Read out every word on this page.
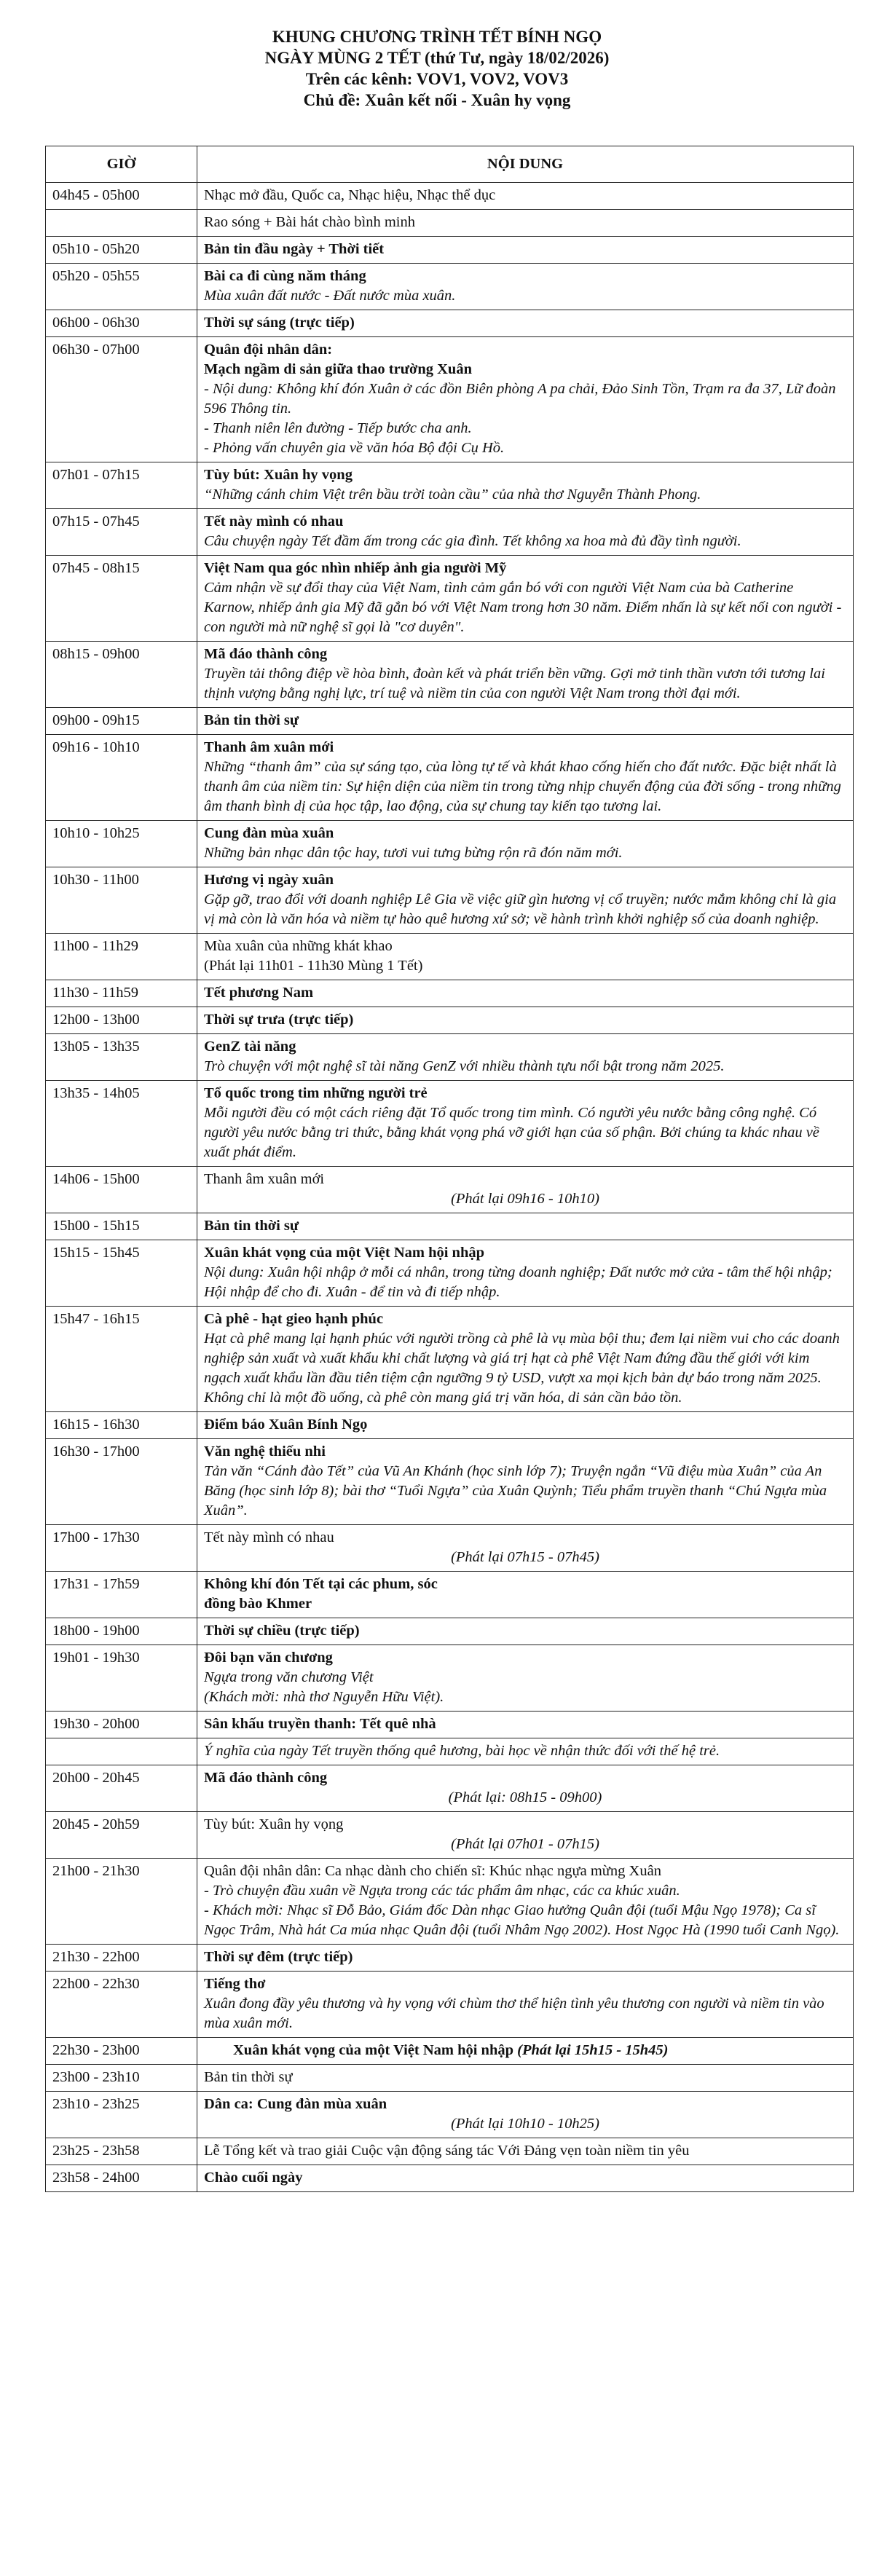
KHUNG CHƯƠNG TRÌNH TẾT BÍNH NGỌ
NGÀY MÙNG 2 TẾT (thứ Tư, ngày 18/02/2026)
Trên các kênh: VOV1, VOV2, VOV3
Chủ đề: Xuân kết nối - Xuân hy vọng
GIỜ	NỘI DUNG
04h45 - 05h00	Nhạc mở đầu, Quốc ca, Nhạc hiệu, Nhạc thể dục

	Rao sóng + Bài hát chào bình minh

05h10 - 05h20	Bản tin đầu ngày + Thời tiết

05h20 - 05h55	Bài ca đi cùng năm tháng
Mùa xuân đất nước - Đất nước mùa xuân.

06h00 - 06h30	Thời sự sáng (trực tiếp)

06h30 - 07h00	Quân đội nhân dân:
Mạch ngầm di sản giữa thao trường Xuân
- Nội dung: Không khí đón Xuân ở các đồn Biên phòng A pa chải, Đảo Sinh Tồn, Trạm ra đa 37, Lữ đoàn 596 Thông tin.
- Thanh niên lên đường - Tiếp bước cha anh.
- Phỏng vấn chuyên gia về văn hóa Bộ đội Cụ Hồ.

07h01 - 07h15	Tùy bút: Xuân hy vọng
“Những cánh chim Việt trên bầu trời toàn cầu” của nhà thơ Nguyễn Thành Phong.

07h15 - 07h45	Tết này mình có nhau
Câu chuyện ngày Tết đầm ấm trong các gia đình. Tết không xa hoa mà đủ đầy tình người.

07h45 - 08h15	Việt Nam qua góc nhìn nhiếp ảnh gia người Mỹ
Cảm nhận về sự đổi thay của Việt Nam, tình cảm gắn bó với con người Việt Nam của bà Catherine Karnow, nhiếp ảnh gia Mỹ đã gắn bó với Việt Nam trong hơn 30 năm. Điểm nhấn là sự kết nối con người - con người mà nữ nghệ sĩ gọi là "cơ duyên".

08h15 - 09h00	Mã đáo thành công
Truyền tải thông điệp về hòa bình, đoàn kết và phát triển bền vững. Gợi mở tinh thần vươn tới tương lai thịnh vượng bằng nghị lực, trí tuệ và niềm tin của con người Việt Nam trong thời đại mới.

09h00 - 09h15	Bản tin thời sự

09h16 - 10h10	Thanh âm xuân mới
Những “thanh âm” của sự sáng tạo, của lòng tự tế và khát khao cống hiến cho đất nước. Đặc biệt nhất là thanh âm của niềm tin: Sự hiện diện của niềm tin trong từng nhịp chuyển động của đời sống - trong những âm thanh bình dị của học tập, lao động, của sự chung tay kiến tạo tương lai.

10h10 - 10h25	Cung đàn mùa xuân
Những bản nhạc dân tộc hay, tươi vui tưng bừng rộn rã đón năm mới.

10h30 - 11h00	Hương vị ngày xuân
Gặp gỡ, trao đổi với doanh nghiệp Lê Gia về việc giữ gìn hương vị cổ truyền; nước mắm không chỉ là gia vị mà còn là văn hóa và niềm tự hào quê hương xứ sở; về hành trình khởi nghiệp số của doanh nghiệp.

11h00 - 11h29	Mùa xuân của những khát khao
(Phát lại 11h01 - 11h30 Mùng 1 Tết)

11h30 - 11h59	Tết phương Nam

12h00 - 13h00	Thời sự trưa (trực tiếp)

13h05 - 13h35	GenZ tài năng
Trò chuyện với một nghệ sĩ tài năng GenZ với nhiều thành tựu nổi bật trong năm 2025.

13h35 - 14h05	Tổ quốc trong tim những người trẻ
Mỗi người đều có một cách riêng đặt Tổ quốc trong tim mình. Có người yêu nước bằng công nghệ. Có người yêu nước bằng tri thức, bằng khát vọng phá vỡ giới hạn của số phận. Bởi chúng ta khác nhau về xuất phát điểm.

14h06 - 15h00	Thanh âm xuân mới
(Phát lại 09h16 - 10h10)

15h00 - 15h15	Bản tin thời sự

15h15 - 15h45	Xuân khát vọng của một Việt Nam hội nhập
Nội dung: Xuân hội nhập ở mỗi cá nhân, trong từng doanh nghiệp; Đất nước mở cửa - tâm thế hội nhập; Hội nhập để cho đi. Xuân - để tin và đi tiếp nhập.

15h47 - 16h15	Cà phê - hạt gieo hạnh phúc
Hạt cà phê mang lại hạnh phúc với người trồng cà phê là vụ mùa bội thu; đem lại niềm vui cho các doanh nghiệp sản xuất và xuất khẩu khi chất lượng và giá trị hạt cà phê Việt Nam đứng đầu thế giới với kim ngạch xuất khẩu lần đầu tiên tiệm cận ngưỡng 9 tỷ USD, vượt xa mọi kịch bản dự báo trong năm 2025. Không chỉ là một đồ uống, cà phê còn mang giá trị văn hóa, di sản cần bảo tồn.

16h15 - 16h30	Điểm báo Xuân Bính Ngọ

16h30 - 17h00	Văn nghệ thiếu nhi
Tản văn “Cánh đào Tết” của Vũ An Khánh (học sinh lớp 7); Truyện ngắn “Vũ điệu mùa Xuân” của An Băng (học sinh lớp 8); bài thơ “Tuổi Ngựa” của Xuân Quỳnh; Tiểu phẩm truyền thanh “Chú Ngựa mùa Xuân”.

17h00 - 17h30	Tết này mình có nhau
(Phát lại 07h15 - 07h45)

17h31 - 17h59	Không khí đón Tết tại các phum, sóc
đồng bào Khmer

18h00 - 19h00	Thời sự chiều (trực tiếp)

19h01 - 19h30	Đôi bạn văn chương
Ngựa trong văn chương Việt
(Khách mời: nhà thơ Nguyễn Hữu Việt).

19h30 - 20h00	Sân khấu truyền thanh: Tết quê nhà

	Ý nghĩa của ngày Tết truyền thống quê hương, bài học về nhận thức đối với thế hệ trẻ.

20h00 - 20h45	Mã đáo thành công
(Phát lại: 08h15 - 09h00)

20h45 - 20h59	Tùy bút: Xuân hy vọng
(Phát lại 07h01 - 07h15)

21h00 - 21h30	Quân đội nhân dân: Ca nhạc dành cho chiến sĩ: Khúc nhạc ngựa mừng Xuân
- Trò chuyện đầu xuân về Ngựa trong các tác phẩm âm nhạc, các ca khúc xuân.
- Khách mời: Nhạc sĩ Đỗ Bảo, Giám đốc Dàn nhạc Giao hưởng Quân đội (tuổi Mậu Ngọ 1978); Ca sĩ Ngọc Trâm, Nhà hát Ca múa nhạc Quân đội (tuổi Nhâm Ngọ 2002). Host Ngọc Hà (1990 tuổi Canh Ngọ).

21h30 - 22h00	Thời sự đêm (trực tiếp)

22h00 - 22h30	Tiếng thơ
Xuân đong đầy yêu thương và hy vọng với chùm thơ thể hiện tình yêu thương con người và niềm tin vào mùa xuân mới.

22h30 - 23h00	Xuân khát vọng của một Việt Nam hội nhập (Phát lại 15h15 - 15h45)

23h00 - 23h10	Bản tin thời sự

23h10 - 23h25	Dân ca: Cung đàn mùa xuân
(Phát lại 10h10 - 10h25)

23h25 - 23h58	Lễ Tổng kết và trao giải Cuộc vận động sáng tác Với Đảng vẹn toàn niềm tin yêu

23h58 - 24h00	Chào cuối ngày
